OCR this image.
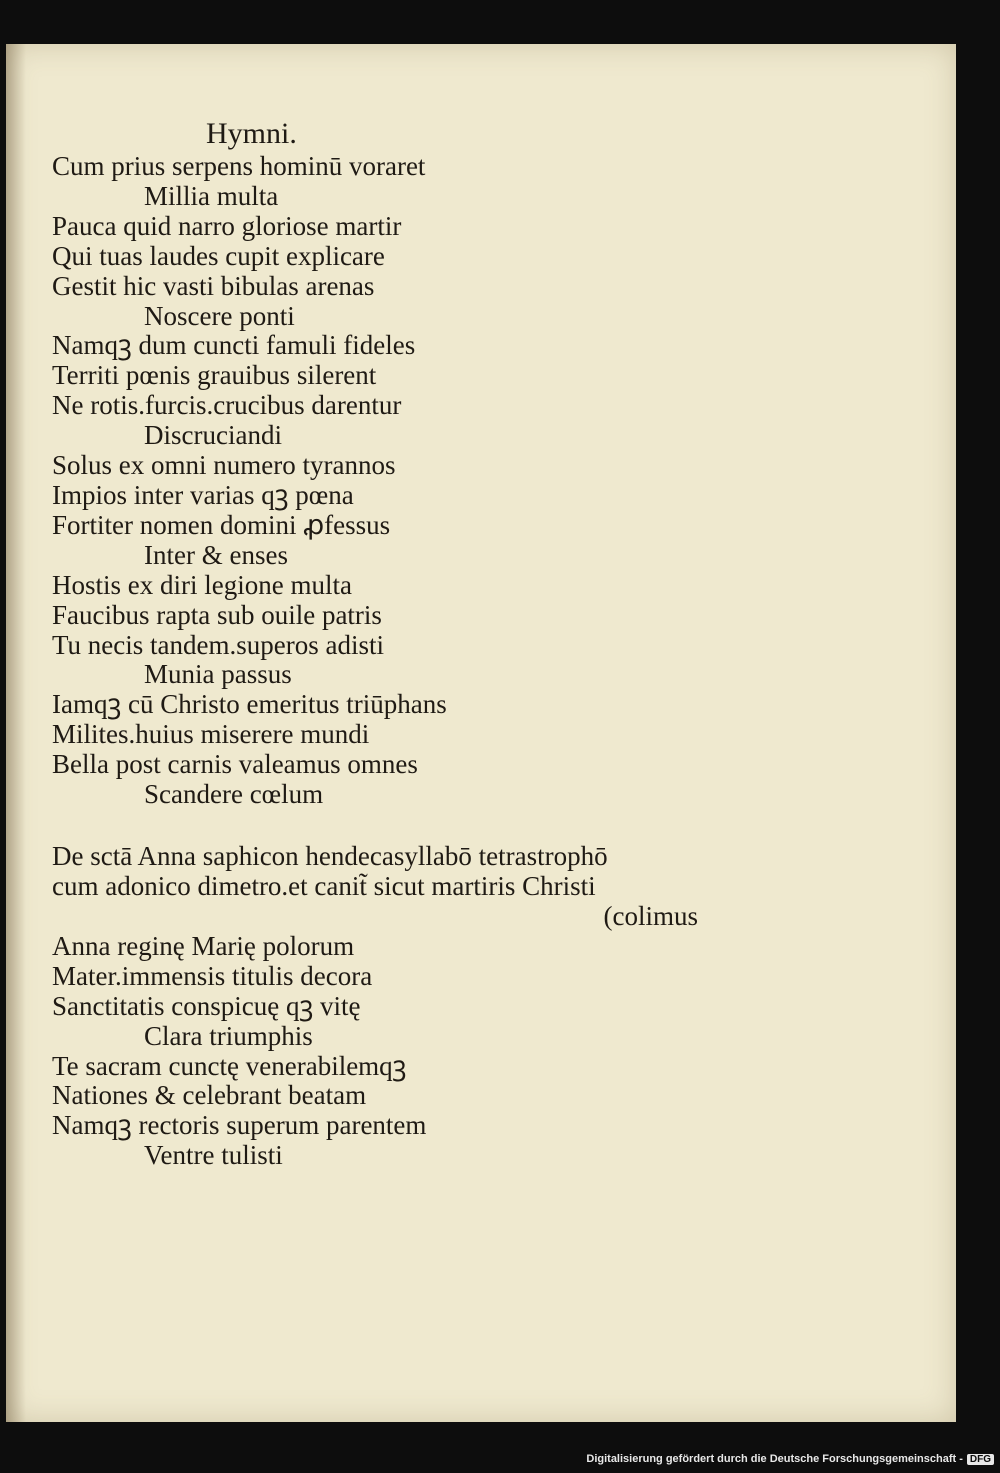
Hymni.
Cum prius serpens hominū voraret
Millia multa
Pauca quid narro gloriose martir
Qui tuas laudes cupit explicare
Gestit hic vasti bibulas arenas
Noscere ponti
Namqꝫ dum cuncti famuli fideles
Territi pœnis grauibus silerent
Ne rotis.furcis.crucibus darentur
Discruciandi
Solus ex omni numero tyrannos
Impios inter varias qꝫ pœna
Fortiter nomen domini ꝓfessus
Inter & enses
Hostis ex diri legione multa
Faucibus rapta sub ouile patris
Tu necis tandem.superos adisti
Munia passus
Iamqꝫ cū Christo emeritus triūphans
Milites.huius miserere mundi
Bella post carnis valeamus omnes
Scandere cœlum
De sctā Anna saphicon hendecasyllabō tetrastrophō
cum adonico dimetro.et canit̃ sicut martiris Christi
(colimus
Anna reginę Marię polorum
Mater.immensis titulis decora
Sanctitatis conspicuę qꝫ vitę
Clara triumphis
Te sacram cunctę venerabilemqꝫ
Nationes & celebrant beatam
Namqꝫ rectoris superum parentem
Ventre tulisti
Digitalisierung gefördert durch die Deutsche Forschungsgemeinschaft - DFG
